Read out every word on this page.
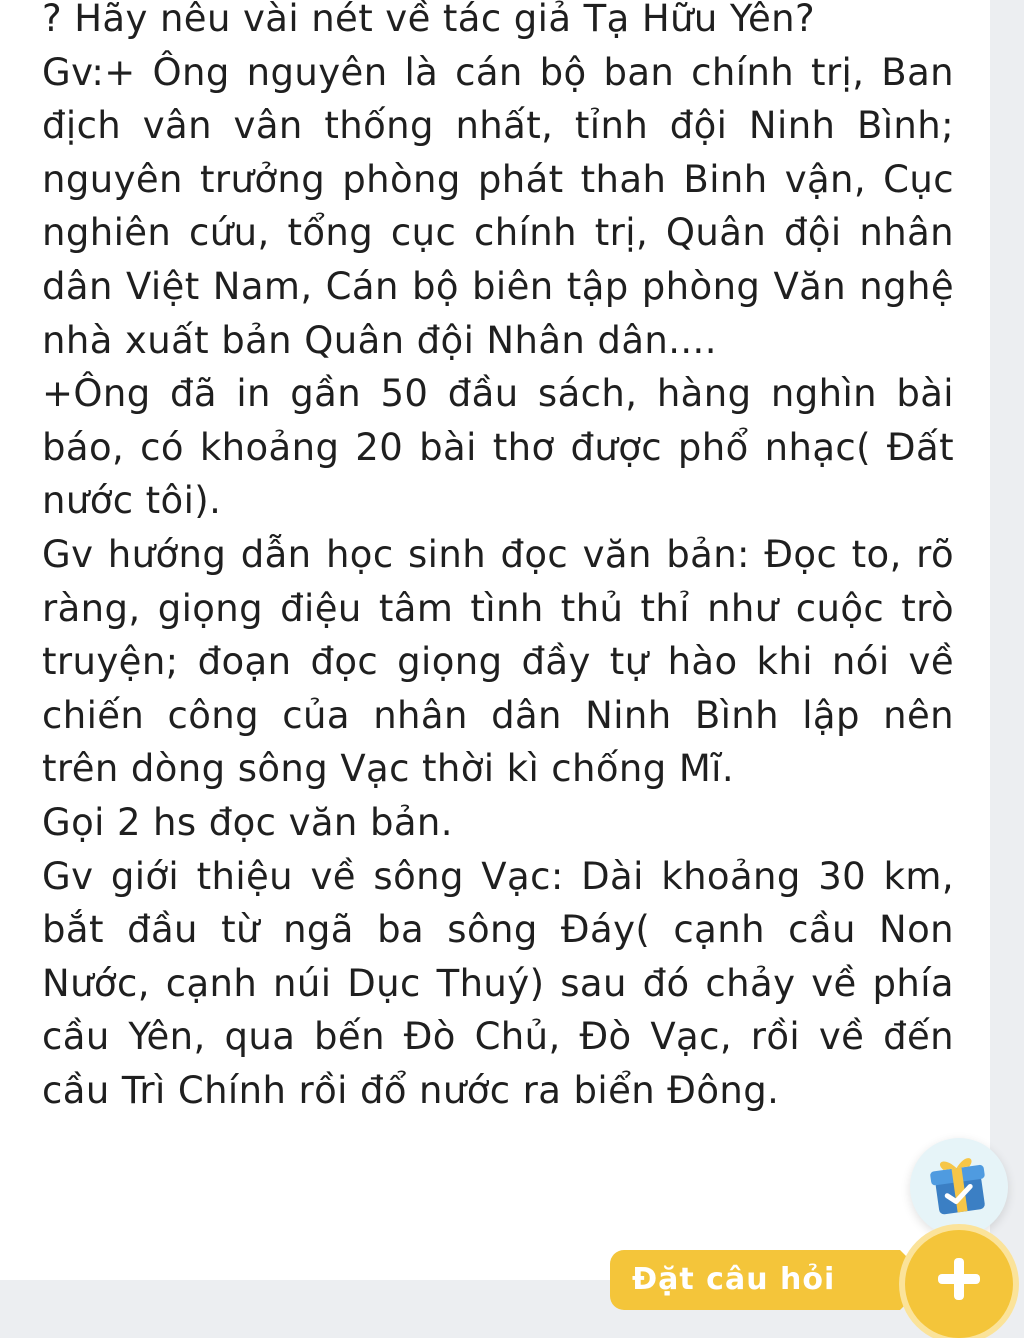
? Hãy nêu vài nét về tác giả Tạ Hữu Yên?

Gv:+ Ông nguyên là cán bộ ban chính trị, Ban địch vân vân thống nhất, tỉnh đội Ninh Bình; nguyên trưởng phòng phát thah Binh vận, Cục nghiên cứu, tổng cục chính trị, Quân đội nhân dân Việt Nam, Cán bộ biên tập phòng Văn nghệ nhà xuất bản Quân đội Nhân dân....

+Ông đã in gần 50 đầu sách, hàng nghìn bài báo, có khoảng 20 bài thơ được phổ nhạc( Đất nước tôi).

Gv hướng dẫn học sinh đọc văn bản: Đọc to, rõ ràng, giọng điệu tâm tình thủ thỉ như cuộc trò truyện; đoạn đọc giọng đầy tự hào khi nói về chiến công của nhân dân Ninh Bình lập nên trên dòng sông Vạc thời kì chống Mĩ.

Gọi 2 hs đọc văn bản.

Gv giới thiệu về sông Vạc: Dài khoảng 30 km, bắt đầu từ ngã ba sông Đáy( cạnh cầu Non Nước, cạnh núi Dục Thuý) sau đó chảy về phía cầu Yên, qua bến Đò Chủ, Đò Vạc, rồi về đến cầu Trì Chính rồi đổ nước ra biển Đông.

Đặt câu hỏi
